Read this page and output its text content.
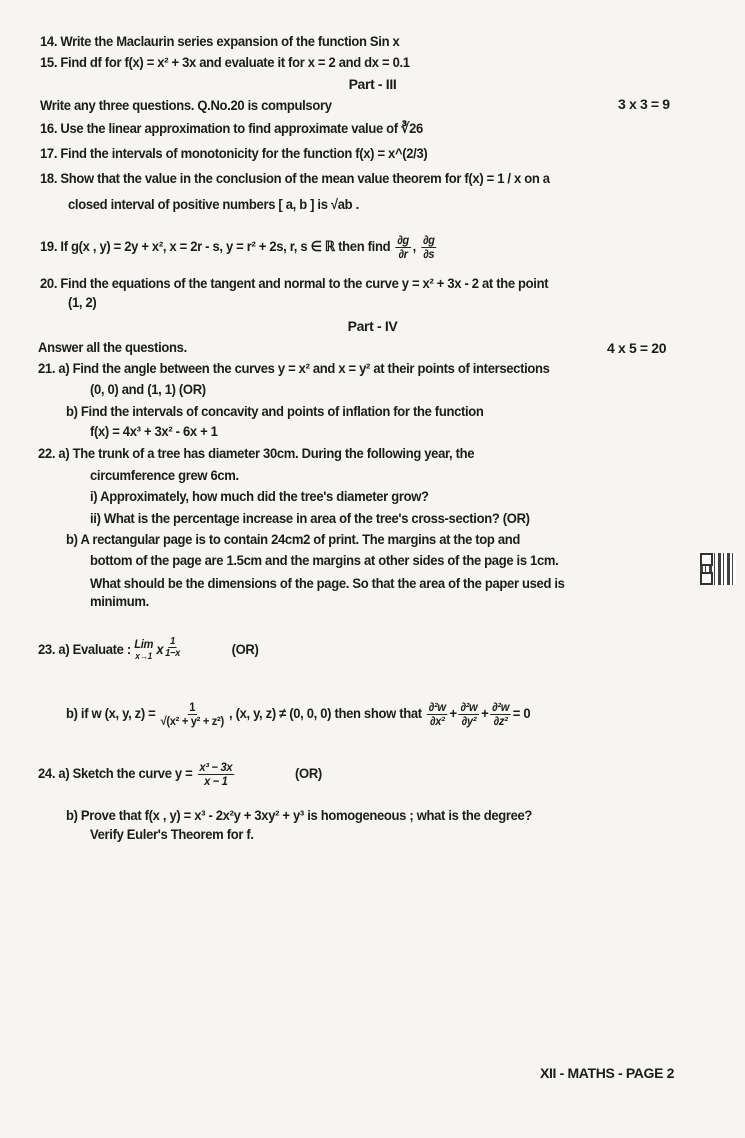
14. Write the Maclaurin series expansion of the function Sin x
15. Find df for f(x) = x² + 3x and evaluate it for x = 2 and dx = 0.1
Part - III
Write any three questions. Q.No.20 is compulsory	3 x 3 = 9
16. Use the linear approximation to find approximate value of ∛26
17. Find the intervals of monotonicity for the function f(x) = x^(2/3)
18. Show that the value in the conclusion of the mean value theorem for f(x) = 1 / x on a
closed interval of positive numbers [ a, b ] is √ab .
19. If g(x , y) = 2y + x², x = 2r - s, y = r² + 2s, r, s ∈ ℝ then find $\frac{\partial g}{\partial r}$ , $\frac{\partial g}{\partial s}$
20. Find the equations of the tangent and normal to the curve y = x² + 3x - 2 at the point
(1, 2)
Part - IV
Answer all the questions.	4 x 5 = 20
21. a) Find the angle between the curves y = x² and x = y² at their points of intersections
(0, 0) and (1, 1) (OR)
b) Find the intervals of concavity and points of inflation for the function
f(x) = 4x³ + 3x² - 6x + 1
22. a) The trunk of a tree has diameter 30cm. During the following year, the
circumference grew 6cm.
i) Approximately, how much did the tree's diameter grow?
ii) What is the percentage increase in area of the tree's cross-section? (OR)
b) A rectangular page is to contain 24cm2 of print. The margins at the top and
bottom of the page are 1.5cm and the margins at other sides of the page is 1cm.
What should be the dimensions of the page. So that the area of the paper used is
minimum.
23. a) Evaluate : Lim
x→1 x $\frac{1}{1-x}$	(OR)
b) if w (x, y, $z) = \frac{1}{\text{√(x² + y² + z²)}}$ , (x, y, z) ≠ (0, 0, 0) then show that $\frac{\text{∂²w}}{\text{∂x²}} + \frac{\text{∂²w}}{\text{∂y²}} + \frac{\text{∂²w}}{\text{∂z²}} = 0$
24. a) Sketch the curve $y = \frac{\text{x³ − 3x}}{x - 1}$	(OR)
b) Prove that f(x , y) = x³ - 2x²y + 3xy² + y³ is homogeneous ; what is the degree?
Verify Euler's Theorem for f.
XII - MATHS - PAGE 2
